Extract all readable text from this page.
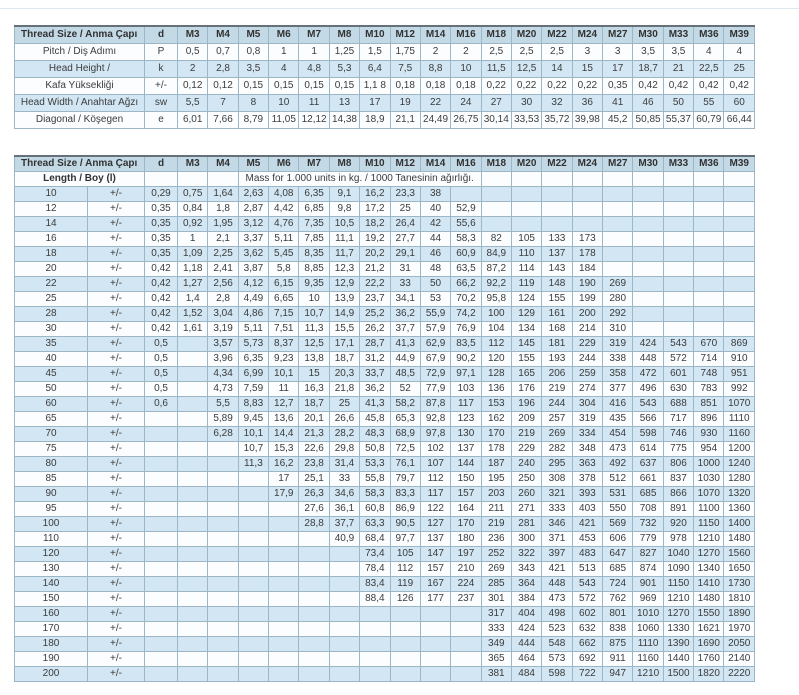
Thread Size / Anma Çapı	d	M3	M4	M5	M6	M7	M8	M10	M12	M14	M16	M18	M20	M22	M24	M27	M30	M33	M36	M39
Pitch / Diş Adımı	P	0,5	0,7	0,8	1	1	1,25	1,5	1,75	2	2	2,5	2,5	2,5	3	3	3,5	3,5	4	4
Head Height /	k	2	2,8	3,5	4	4,8	5,3	6,4	7,5	8,8	10	11,5	12,5	14	15	17	18,7	21	22,5	25
Kafa Yüksekliği	+/-	0,12	0,12	0,15	0,15	0,15	0,15	1,1 8	0,18	0,18	0,18	0,22	0,22	0,22	0,22	0,35	0,42	0,42	0,42	0,42
Head Width / Anahtar Ağzı	sw	5,5	7	8	10	11	13	17	19	22	24	27	30	32	36	41	46	50	55	60
Diagonal / Köşegen	e	6,01	7,66	8,79	11,05	12,12	14,38	18,9	21,1	24,49	26,75	30,14	33,53	35,72	39,98	45,2	50,85	55,37	60,79	66,44
Thread Size / Anma Çapı		d	M3	M4	M5	M6	M7	M8	M10	M12	M14	M16	M18	M20	M22	M24	M27	M30	M33	M36	M39
Length / Boy (l)					Mass for 1.000 units in kg. / 1000 Tanesinin ağırlığı.																
10	+/-	0,29	0,75	1,64	2,63	4,08	6,35	9,1	16,2	23,3	38										
12	+/-	0,35	0,84	1,8	2,87	4,42	6,85	9,8	17,2	25	40	52,9									
14	+/-	0,35	0,92	1,95	3,12	4,76	7,35	10,5	18,2	26,4	42	55,6									
16	+/-	0,35	1	2,1	3,37	5,11	7,85	11,1	19,2	27,7	44	58,3	82	105	133	173					
18	+/-	0,35	1,09	2,25	3,62	5,45	8,35	11,7	20,2	29,1	46	60,9	84,9	110	137	178					
20	+/-	0,42	1,18	2,41	3,87	5,8	8,85	12,3	21,2	31	48	63,5	87,2	114	143	184					
22	+/-	0,42	1,27	2,56	4,12	6,15	9,35	12,9	22,2	33	50	66,2	92,2	119	148	190	269				
25	+/-	0,42	1,4	2,8	4,49	6,65	10	13,9	23,7	34,1	53	70,2	95,8	124	155	199	280				
28	+/-	0,42	1,52	3,04	4,86	7,15	10,7	14,9	25,2	36,2	55,9	74,2	100	129	161	200	292				
30	+/-	0,42	1,61	3,19	5,11	7,51	11,3	15,5	26,2	37,7	57,9	76,9	104	134	168	214	310				
35	+/-	0,5		3,57	5,73	8,37	12,5	17,1	28,7	41,3	62,9	83,5	112	145	181	229	319	424	543	670	869
40	+/-	0,5		3,96	6,35	9,23	13,8	18,7	31,2	44,9	67,9	90,2	120	155	193	244	338	448	572	714	910
45	+/-	0,5		4,34	6,99	10,1	15	20,3	33,7	48,5	72,9	97,1	128	165	206	259	358	472	601	748	951
50	+/-	0,5		4,73	7,59	11	16,3	21,8	36,2	52	77,9	103	136	176	219	274	377	496	630	783	992
60	+/-	0,6		5,5	8,83	12,7	18,7	25	41,3	58,2	87,8	117	153	196	244	304	416	543	688	851	1070
65	+/-			5,89	9,45	13,6	20,1	26,6	45,8	65,3	92,8	123	162	209	257	319	435	566	717	896	1110
70	+/-			6,28	10,1	14,4	21,3	28,2	48,3	68,9	97,8	130	170	219	269	334	454	598	746	930	1160
75	+/-				10,7	15,3	22,6	29,8	50,8	72,5	102	137	178	229	282	348	473	614	775	954	1200
80	+/-				11,3	16,2	23,8	31,4	53,3	76,1	107	144	187	240	295	363	492	637	806	1000	1240
85	+/-					17	25,1	33	55,8	79,7	112	150	195	250	308	378	512	661	837	1030	1280
90	+/-					17,9	26,3	34,6	58,3	83,3	117	157	203	260	321	393	531	685	866	1070	1320
95	+/-						27,6	36,1	60,8	86,9	122	164	211	271	333	403	550	708	891	1100	1360
100	+/-						28,8	37,7	63,3	90,5	127	170	219	281	346	421	569	732	920	1150	1400
110	+/-							40,9	68,4	97,7	137	180	236	300	371	453	606	779	978	1210	1480
120	+/-								73,4	105	147	197	252	322	397	483	647	827	1040	1270	1560
130	+/-								78,4	112	157	210	269	343	421	513	685	874	1090	1340	1650
140	+/-								83,4	119	167	224	285	364	448	543	724	901	1150	1410	1730
150	+/-								88,4	126	177	237	301	384	473	572	762	969	1210	1480	1810
160	+/-												317	404	498	602	801	1010	1270	1550	1890
170	+/-												333	424	523	632	838	1060	1330	1621	1970
180	+/-												349	444	548	662	875	1110	1390	1690	2050
190	+/-												365	464	573	692	911	1160	1440	1760	2140
200	+/-												381	484	598	722	947	1210	1500	1820	2220
